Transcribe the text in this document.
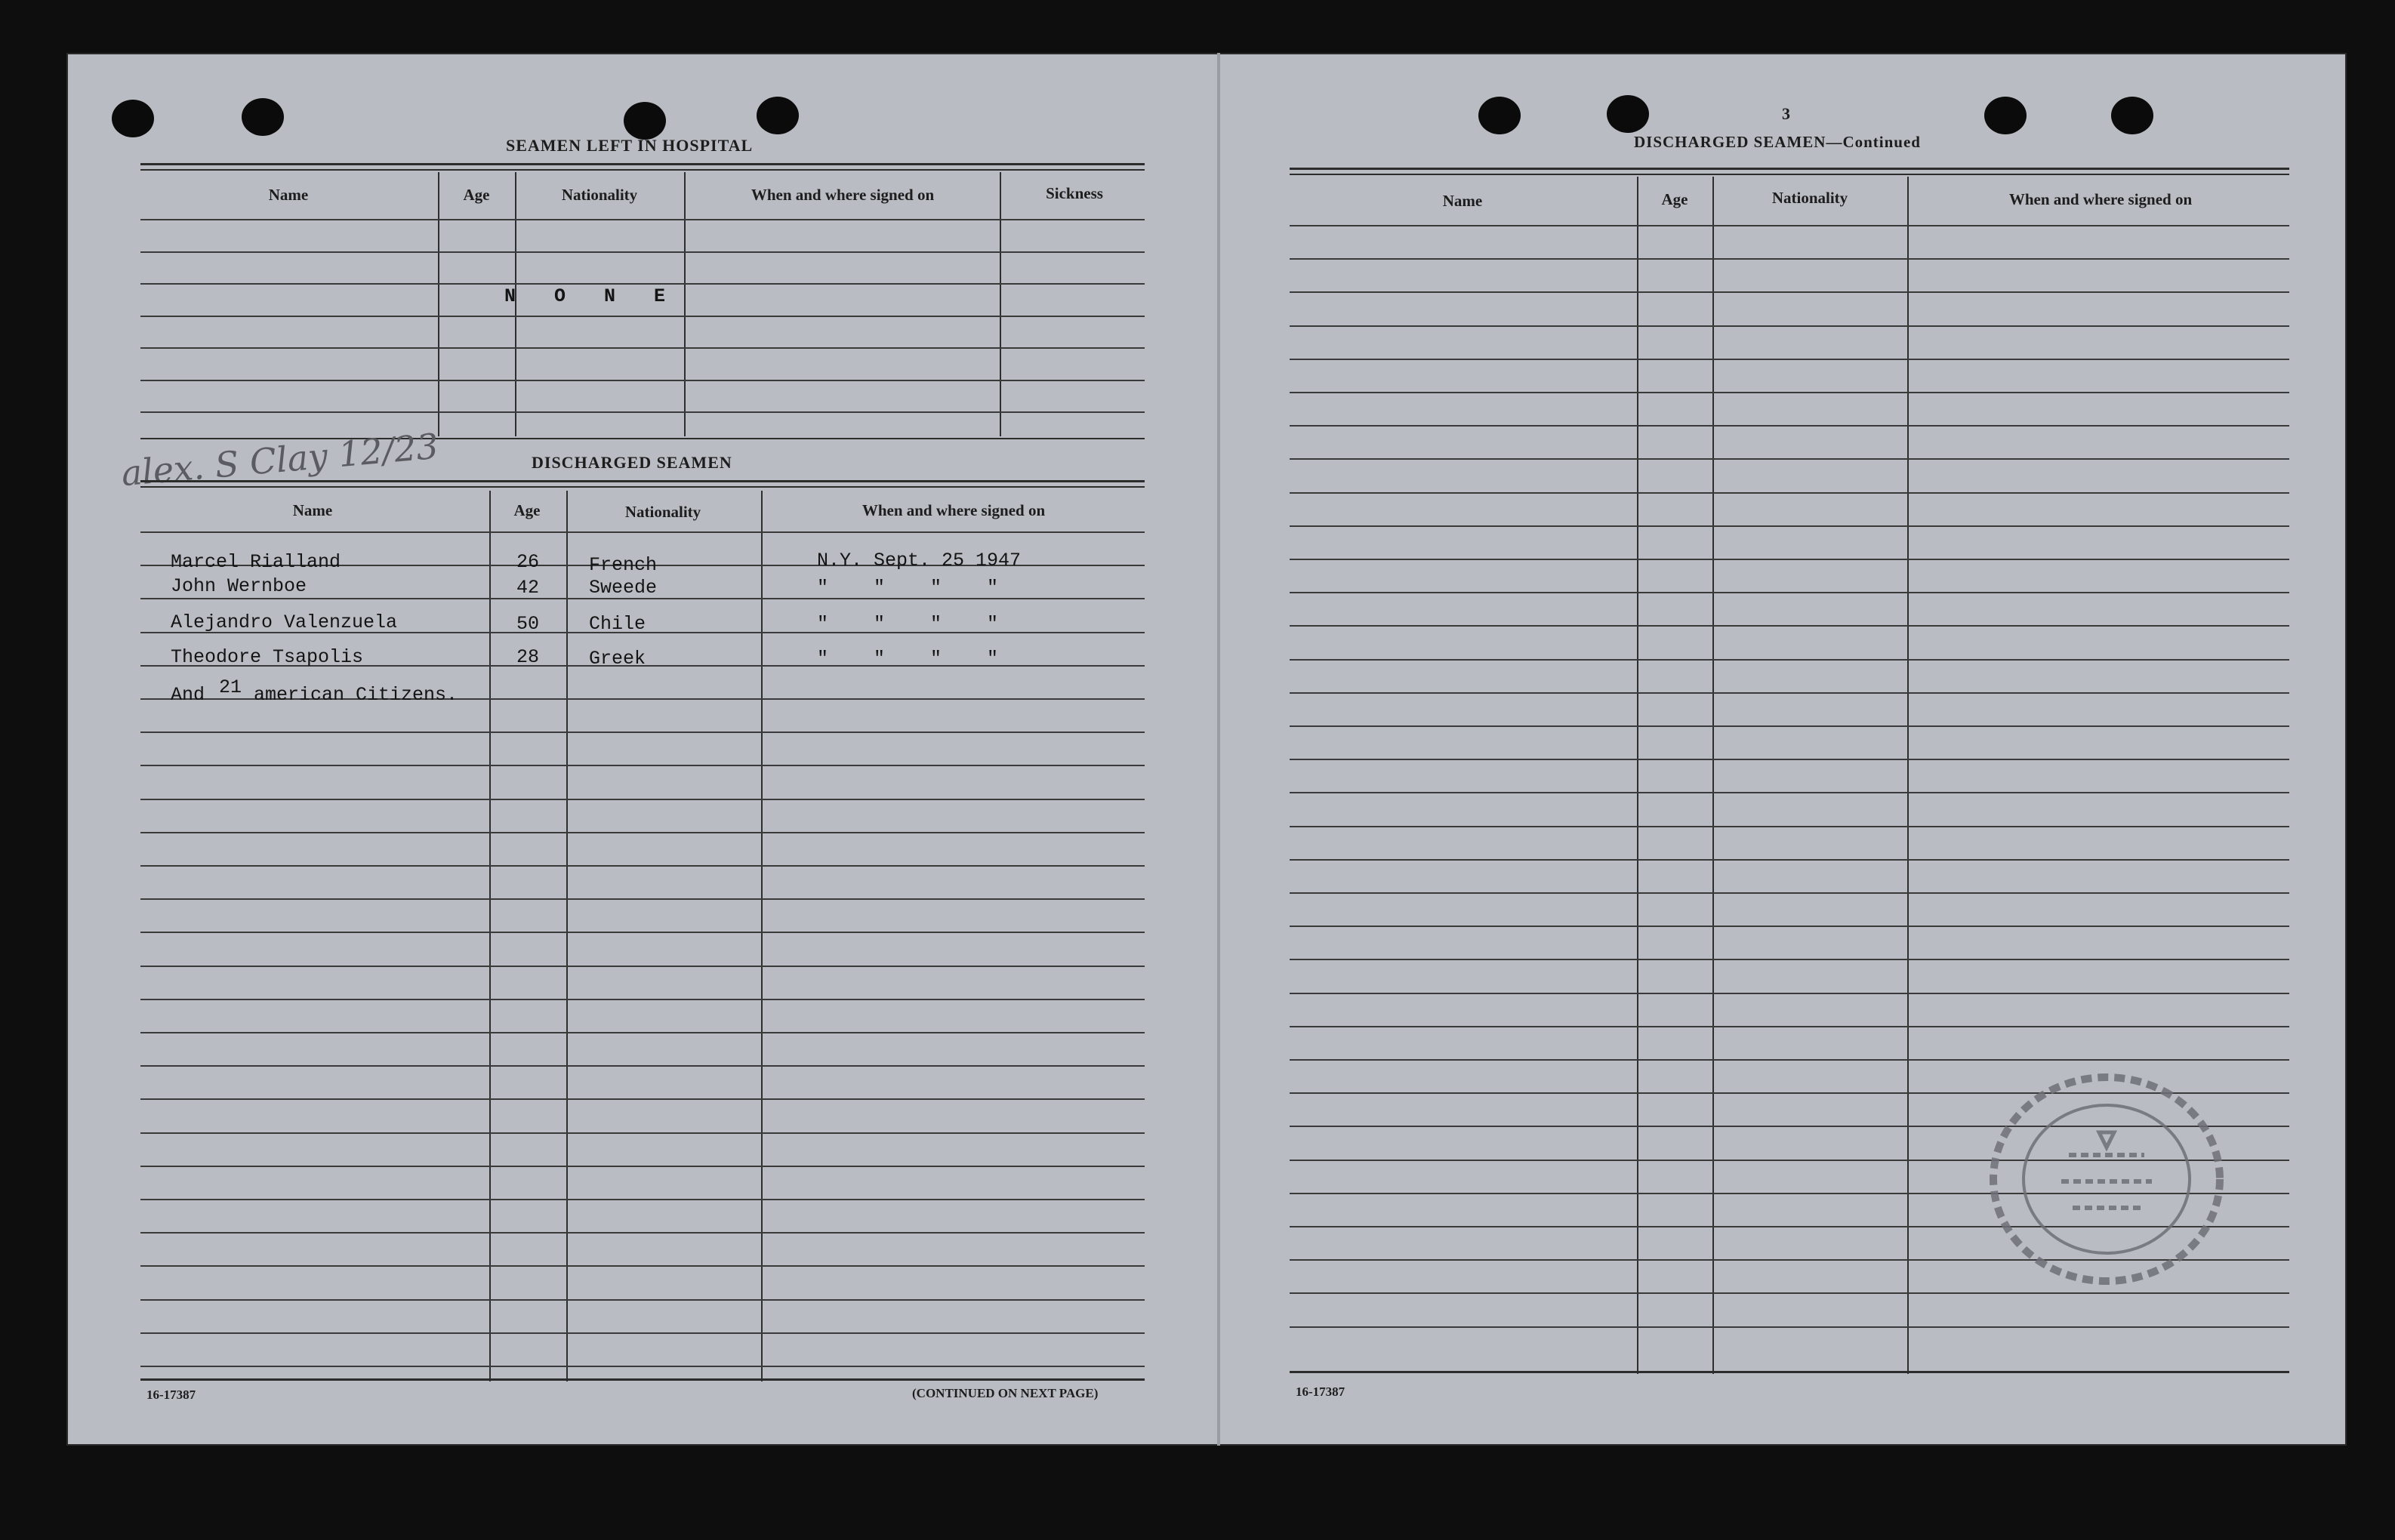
SEAMEN LEFT IN HOSPITAL
Name	Age	Nationality	When and where signed on	Sickness
N O N E
alex. S Clay 12/23	DISCHARGED SEAMEN
Name	Age	Nationality	When and where signed on
Marcel Rialland	26	French	N.Y. Sept. 25 1947
John Wernboe	42	Sweede	"    "    "    "
Alejandro Valenzuela	50	Chile	"    "    "    "
Theodore Tsapolis	28	Greek	"    "    "    "
And 21 american Citizens.
16-17387	(CONTINUED ON NEXT PAGE)
3
DISCHARGED SEAMEN—Continued
Name	Age	Nationality	When and where signed on
16-17387
